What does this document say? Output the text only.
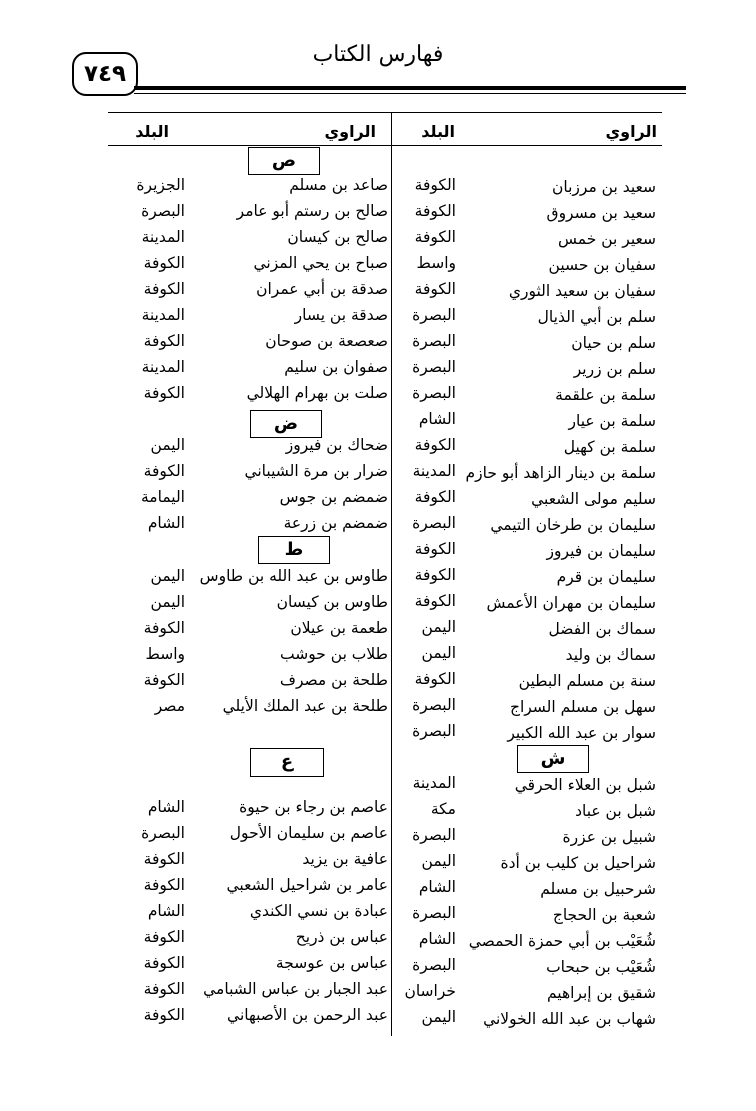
فهارس الكتاب
٧٤٩
الراوي
البلد
الراوي
البلد
سعيد بن مرزبان
الكوفة
سعيد بن مسروق
الكوفة
سعير بن خمس
الكوفة
سفيان بن حسين
واسط
سفيان بن سعيد الثوري
الكوفة
سلم بن أبي الذيال
البصرة
سلم بن حيان
البصرة
سلم بن زرير
البصرة
سلمة بن علقمة
البصرة
سلمة بن عيار
الشام
سلمة بن كهيل
الكوفة
سلمة بن دينار الزاهد أبو حازم
المدينة
سليم مولى الشعبي
الكوفة
سليمان بن طرخان التيمي
البصرة
سليمان بن فيروز
الكوفة
سليمان بن قرم
الكوفة
سليمان بن مهران الأعمش
الكوفة
سماك بن الفضل
اليمن
سماك بن وليد
اليمن
سنة بن مسلم البطين
الكوفة
سهل بن مسلم السراج
البصرة
سوار بن عبد الله الكبير
البصرة
ش
شبل بن العلاء الحرقي
المدينة
شبل بن عباد
مكة
شبيل بن عزرة
البصرة
شراحيل بن كليب بن أدة
اليمن
شرحبيل بن مسلم
الشام
شعبة بن الحجاج
البصرة
شُعَيْب بن أبي حمزة الحمصي
الشام
شُعَيْب بن حبحاب
البصرة
شقيق بن إبراهيم
خراسان
شهاب بن عبد الله الخولاني
اليمن
ص
صاعد بن مسلم
الجزيرة
صالح بن رستم أبو عامر
البصرة
صالح بن كيسان
المدينة
صباح بن يحي المزني
الكوفة
صدقة بن أبي عمران
الكوفة
صدقة بن يسار
المدينة
صعصعة بن صوحان
الكوفة
صفوان بن سليم
المدينة
صلت بن بهرام الهلالي
الكوفة
ض
ضحاك بن فيروز
اليمن
ضرار بن مرة الشيباني
الكوفة
ضمضم بن جوس
اليمامة
ضمضم بن زرعة
الشام
ط
طاوس بن عبد الله بن طاوس
اليمن
طاوس بن كيسان
اليمن
طعمة بن عيلان
الكوفة
طلاب بن حوشب
واسط
طلحة بن مصرف
الكوفة
طلحة بن عبد الملك الأيلي
مصر
ع
عاصم بن رجاء بن حيوة
الشام
عاصم بن سليمان الأحول
البصرة
عافية بن يزيد
الكوفة
عامر بن شراحيل الشعبي
الكوفة
عبادة بن نسي الكندي
الشام
عباس بن ذريح
الكوفة
عباس بن عوسجة
الكوفة
عبد الجبار بن عباس الشبامي
الكوفة
عبد الرحمن بن الأصبهاني
الكوفة
